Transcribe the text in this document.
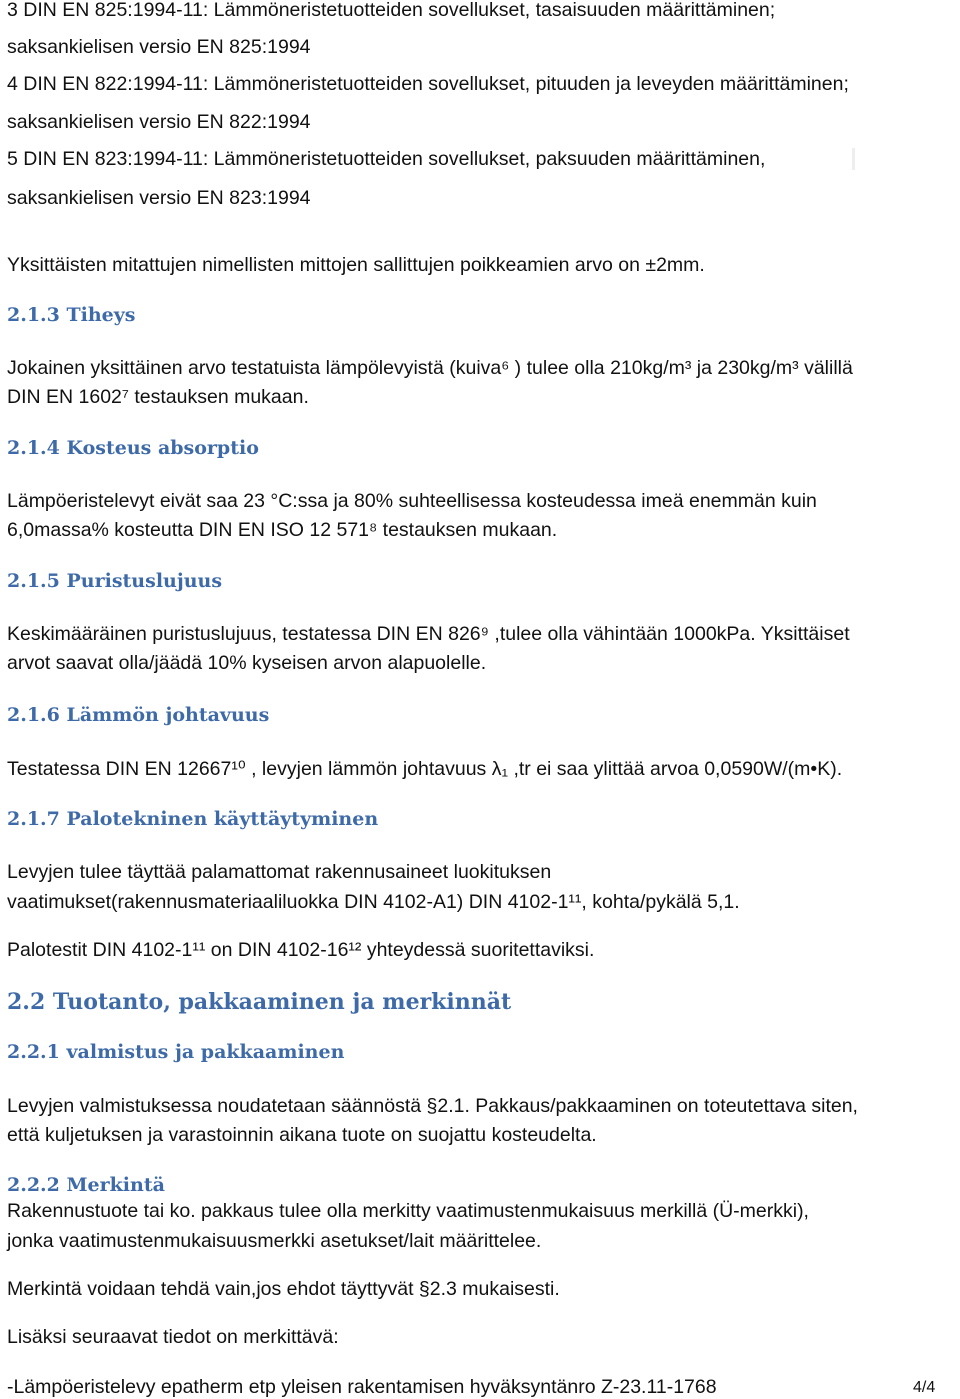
3 DIN EN 825:1994-11: Lämmöneristetuotteiden sovellukset, tasaisuuden määrittäminen;

saksankielisen versio EN 825:1994

4 DIN EN 822:1994-11: Lämmöneristetuotteiden sovellukset, pituuden ja leveyden määrittäminen;

saksankielisen versio EN 822:1994

5 DIN EN 823:1994-11: Lämmöneristetuotteiden sovellukset, paksuuden määrittäminen,

saksankielisen versio EN 823:1994

Yksittäisten mitattujen nimellisten mittojen sallittujen poikkeamien arvo on ±2mm.

2.1.3 Tiheys

Jokainen yksittäinen arvo testatuista lämpölevyistä (kuiva⁶ ) tulee olla 210kg/m³ ja 230kg/m³ välillä

DIN EN 1602⁷ testauksen mukaan.

2.1.4 Kosteus absorptio

Lämpöeristelevyt eivät saa 23 °C:ssa ja 80% suhteellisessa kosteudessa imeä enemmän kuin

6,0massa% kosteutta DIN EN ISO 12 571⁸ testauksen mukaan.

2.1.5 Puristuslujuus

Keskimääräinen puristuslujuus, testatessa DIN EN 826⁹ ,tulee olla vähintään 1000kPa. Yksittäiset

arvot saavat olla/jäädä 10% kyseisen arvon alapuolelle.

2.1.6 Lämmön johtavuus

Testatessa DIN EN 12667¹⁰ , levyjen lämmön johtavuus λ₁ ,tr ei saa ylittää arvoa 0,0590W/(m•K).

2.1.7 Palotekninen käyttäytyminen

Levyjen tulee täyttää palamattomat rakennusaineet luokituksen

vaatimukset(rakennusmateriaaliluokka DIN 4102-A1) DIN 4102-1¹¹, kohta/pykälä 5,1.

Palotestit DIN 4102-1¹¹ on DIN 4102-16¹² yhteydessä suoritettaviksi.

2.2 Tuotanto, pakkaaminen ja merkinnät
2.2.1 valmistus ja pakkaaminen

Levyjen valmistuksessa noudatetaan säännöstä §2.1. Pakkaus/pakkaaminen on toteutettava siten,

että kuljetuksen ja varastoinnin aikana tuote on suojattu kosteudelta.

2.2.2 Merkintä

Rakennustuote tai ko. pakkaus tulee olla merkitty vaatimustenmukaisuus merkillä (Ü-merkki),

jonka vaatimustenmukaisuusmerkki asetukset/lait määrittelee.

Merkintä voidaan tehdä vain,jos ehdot täyttyvät §2.3 mukaisesti.

Lisäksi seuraavat tiedot on merkittävä:

-Lämpöeristelevy epatherm etp yleisen rakentamisen hyväksyntänro Z-23.11-1768	4/4
